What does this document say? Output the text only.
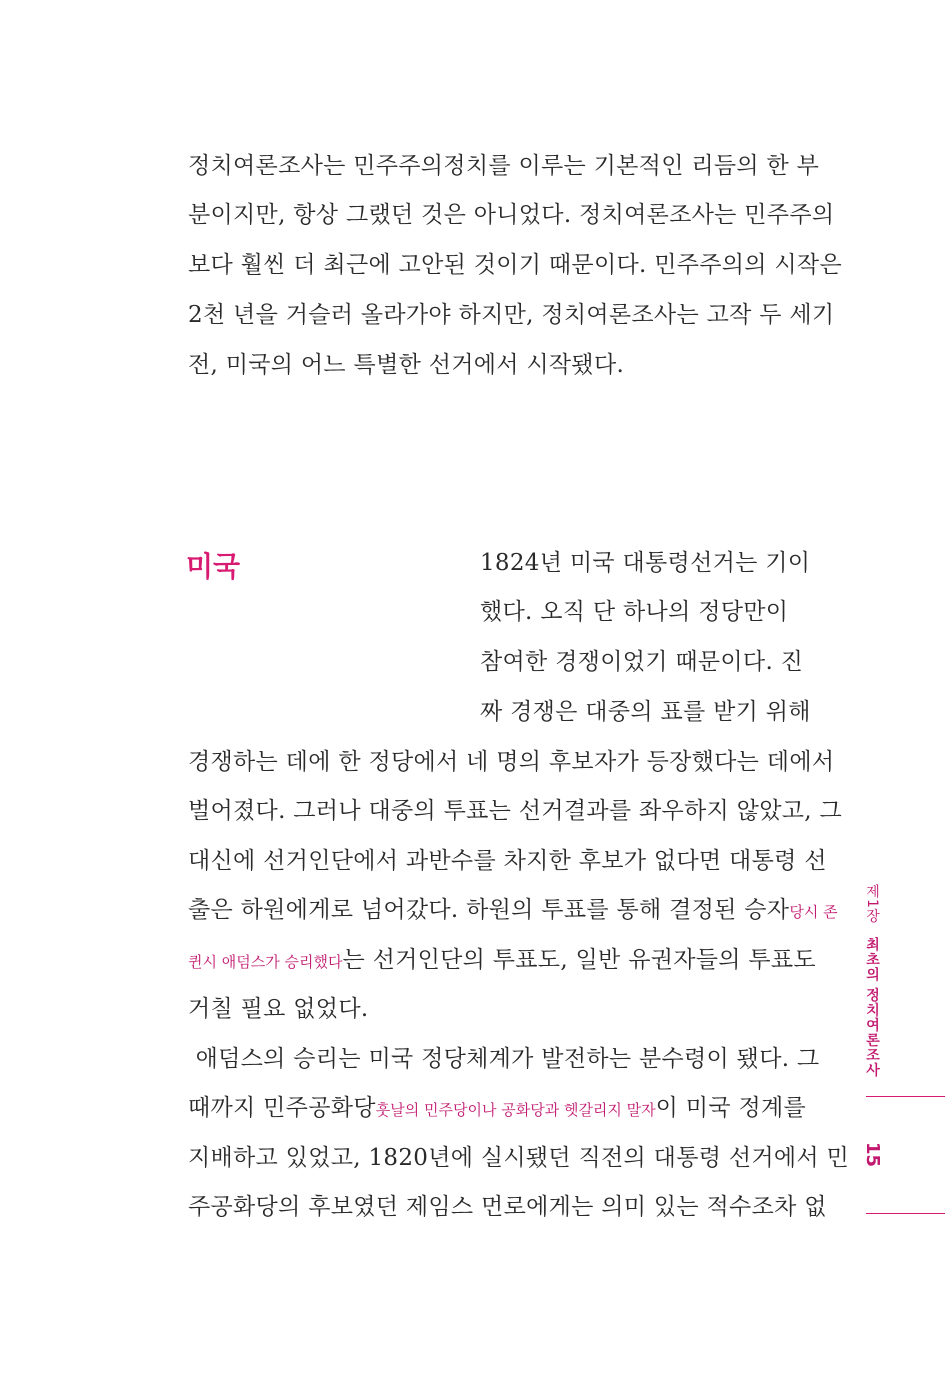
정치여론조사는 민주주의정치를 이루는 기본적인 리듬의 한 부
분이지만, 항상 그랬던 것은 아니었다. 정치여론조사는 민주주의
보다 훨씬 더 최근에 고안된 것이기 때문이다. 민주주의의 시작은
2천 년을 거슬러 올라가야 하지만, 정치여론조사는 고작 두 세기
전, 미국의 어느 특별한 선거에서 시작됐다.
미국	1824년 미국 대통령선거는 기이
했다. 오직 단 하나의 정당만이
참여한 경쟁이었기 때문이다. 진
짜 경쟁은 대중의 표를 받기 위해
경쟁하는 데에 한 정당에서 네 명의 후보자가 등장했다는 데에서
벌어졌다. 그러나 대중의 투표는 선거결과를 좌우하지 않았고, 그
대신에 선거인단에서 과반수를 차지한 후보가 없다면 대통령 선
출은 하원에게로 넘어갔다. 하원의 투표를 통해 결정된 승자당시 존
퀸시 애덤스가 승리했다는 선거인단의 투표도, 일반 유권자들의 투표도
거칠 필요 없었다.
애덤스의 승리는 미국 정당체계가 발전하는 분수령이 됐다. 그
때까지 민주공화당훗날의 민주당이나 공화당과 헷갈리지 말자이 미국 정계를
지배하고 있었고, 1820년에 실시됐던 직전의 대통령 선거에서 민
주공화당의 후보였던 제임스 먼로에게는 의미 있는 적수조차 없
제1장 최초의 정치여론조사
15
